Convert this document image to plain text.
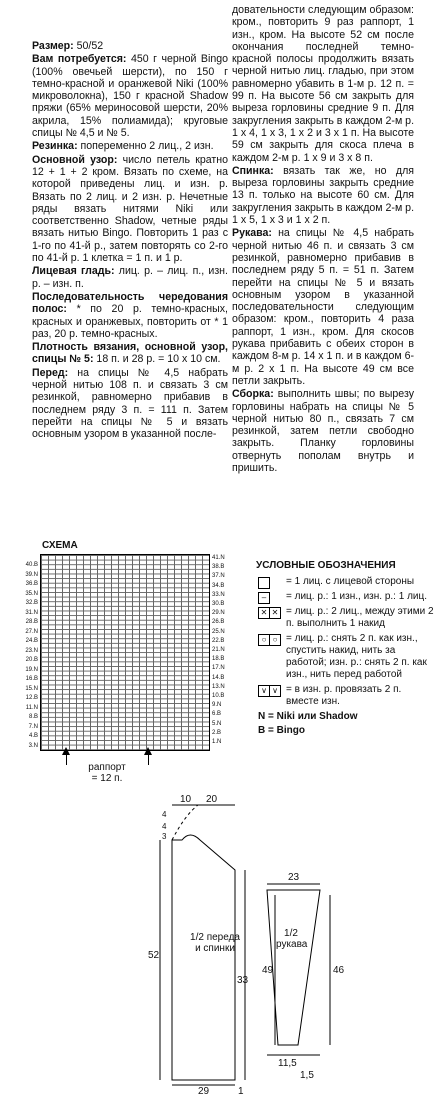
Размер: 50/52

Вам потребуется: 450 г черной Bingo (100% овечьей шерсти), по 150 г темно-красной и оранжевой Niki (100% микроволокна), 150 г красной Shadow пряжи (65% мериносовой шерсти, 20% акрила, 15% полиамида); круговые спицы № 4,5 и № 5.

Резинка: попеременно 2 лиц., 2 изн.

Основной узор: число петель кратно 12 + 1 + 2 кром. Вязать по схеме, на которой приведены лиц. и изн. р. Вязать по 2 лиц. и 2 изн. р. Нечетные ряды вязать нитями Niki или соответственно Shadow, четные ряды вязать нитью Bingo. Повторить 1 раз с 1-го по 41-й р., затем повторять со 2-го по 41-й р. 1 клетка = 1 п. и 1 р.

Лицевая гладь: лиц. р. – лиц. п., изн. р. – изн. п.

Последовательность чередования полос: * по 20 р. темно-красных, красных и оранжевых, повторить от * 1 раз, 20 р. темно-красных.

Плотность вязания, основной узор, спицы № 5: 18 п. и 28 р. = 10 х 10 см.

Перед: на спицы № 4,5 набрать черной нитью 108 п. и связать 3 см резинкой, равномерно прибавив в последнем ряду 3 п. = 111 п. Затем перейти на спицы № 5 и вязать основным узором в указанной после-

довательности следующим образом: кром., повторить 9 раз раппорт, 1 изн., кром. На высоте 52 см после окончания последней темно-красной полосы продолжить вязать черной нитью лиц. гладью, при этом равномерно убавить в 1-м р. 12 п. = 99 п. На высоте 56 см закрыть для выреза горловины средние 9 п. Для закругления закрыть в каждом 2-м р. 1 х 4, 1 х 3, 1 х 2 и 3 х 1 п. На высоте 59 см закрыть для скоса плеча в каждом 2-м р. 1 х 9 и 3 х 8 п.

Спинка: вязать так же, но для выреза горловины закрыть средние 13 п. только на высоте 60 см. Для закругления закрыть в каждом 2-м р. 1 х 5, 1 х 3 и 1 х 2 п.

Рукава: на спицы № 4,5 набрать черной нитью 46 п. и связать 3 см резинкой, равномерно прибавив в последнем ряду 5 п. = 51 п. Затем перейти на спицы № 5 и вязать основным узором в указанной последовательности следующим образом: кром., повторить 4 раза раппорт, 1 изн., кром. Для скосов рукава прибавить с обеих сторон в каждом 8-м р. 14 х 1 п. и в каждом 6-м р. 2 х 1 п. На высоте 49 см все петли закрыть.

Сборка: выполнить швы; по вырезу горловины набрать на спицы № 5 черной нитью 80 п., связать 7 см резинкой, затем петли свободно закрыть. Планку горловины отвернуть пополам внутрь и пришить.

СХЕМА
40.B
39.N
36.B
35.N
32.B
31.N
28.B
27.N
24.B
23.N
20.B
19.N
16.B
15.N
12.B
11.N
8.B
7.N
4.B
3.N
41.N
38.B
37.N
34.B
33.N
30.B
29.N
26.B
25.N
22.B
21.N
18.B
17.N
14.B
13.N
10.B
9.N
6.B
5.N
2.B
1.N
раппорт
= 12 п.
УСЛОВНЫЕ ОБОЗНАЧЕНИЯ
= 1 лиц. с лицевой стороны
–	= лиц. р.: 1 изн., изн. р.: 1 лиц.
✕ ✕ = лиц. р.: 2 лиц., между этими 2 п. выполнить 1 накид
○ ○ = лиц. р.: снять 2 п. как изн., спустить накид, нить за работой; изн. р.: снять 2 п. как изн., нить перед работой
∨ ∨ = в изн. р. провязать 2 п. вместе изн.
N = Niki или Shadow
B = Bingo
1/2 переда и спинки
1/2 рукава
10 20
52
4
4
3
33
29	1
23
49	46
11,5
1,5
